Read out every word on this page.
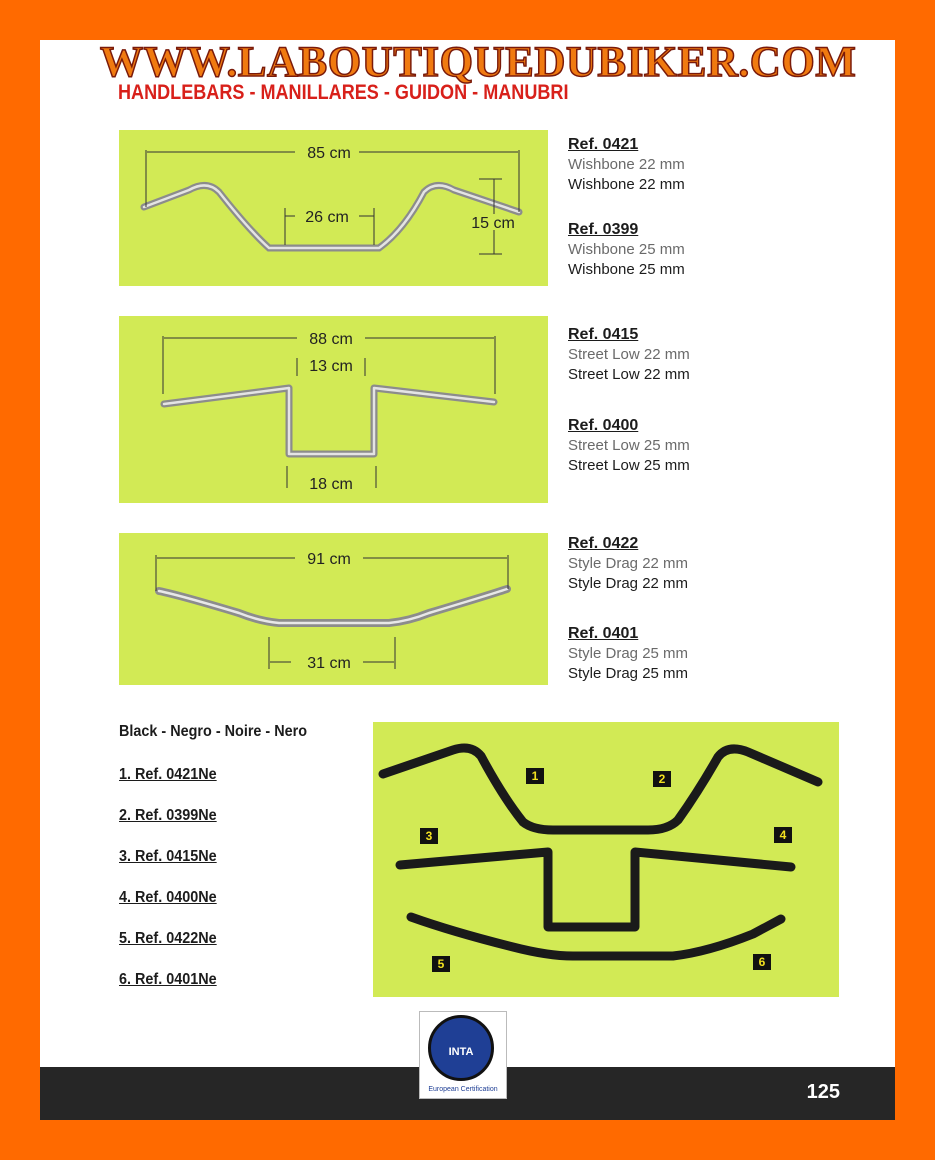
WWW.LABOUTIQUEDUBIKER.COM
HANDLEBARS - MANILLARES - GUIDON - MANUBRI
85 cm
26 cm	15 cm
88 cm
13 cm
18 cm
91 cm
31 cm
Ref. 0421
Wishbone 22 mm
Wishbone 22 mm
Ref. 0399
Wishbone 25 mm
Wishbone 25 mm
Ref. 0415
Street Low 22 mm
Street Low 22 mm
Ref. 0400
Street Low 25 mm
Street Low 25 mm
Ref. 0422
Style Drag 22 mm
Style Drag 22 mm
Ref. 0401
Style Drag 25 mm
Style Drag 25 mm
Black - Negro - Noire - Nero
1. Ref. 0421Ne
2. Ref. 0399Ne
3. Ref. 0415Ne
4. Ref. 0400Ne
5. Ref. 0422Ne
6. Ref. 0401Ne
1	2
3	4
5	6
125
INTA
European Certification
